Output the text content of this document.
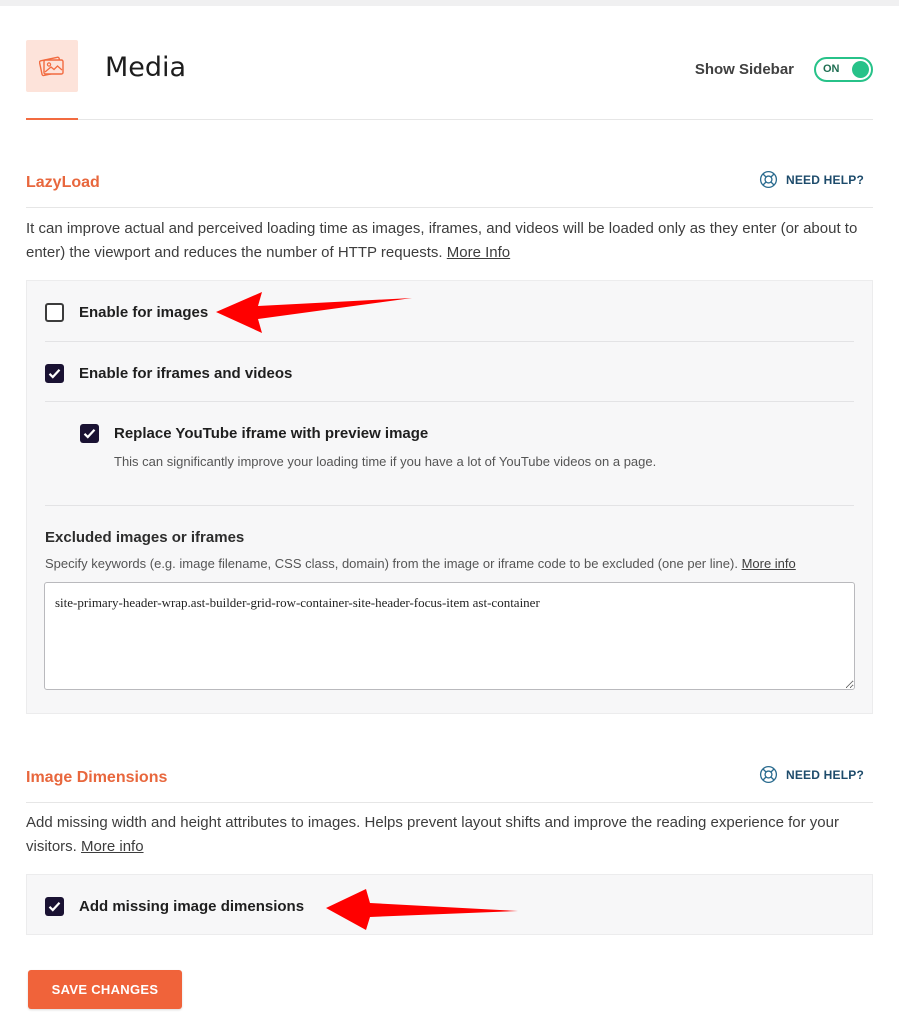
Media	Show Sidebar	ON
LazyLoad	NEED HELP?
It can improve actual and perceived loading time as images, iframes, and videos will be loaded only as they enter (or about to enter) the viewport and reduces the number of HTTP requests. More Info
Enable for images
Enable for iframes and videos
Replace YouTube iframe with preview image
This can significantly improve your loading time if you have a lot of YouTube videos on a page.
Excluded images or iframes
Specify keywords (e.g. image filename, CSS class, domain) from the image or iframe code to be excluded (one per line). More info
site-primary-header-wrap.ast-builder-grid-row-container-site-header-focus-item ast-container
Image Dimensions	NEED HELP?
Add missing width and height attributes to images. Helps prevent layout shifts and improve the reading experience for your visitors. More info
Add missing image dimensions
SAVE CHANGES
